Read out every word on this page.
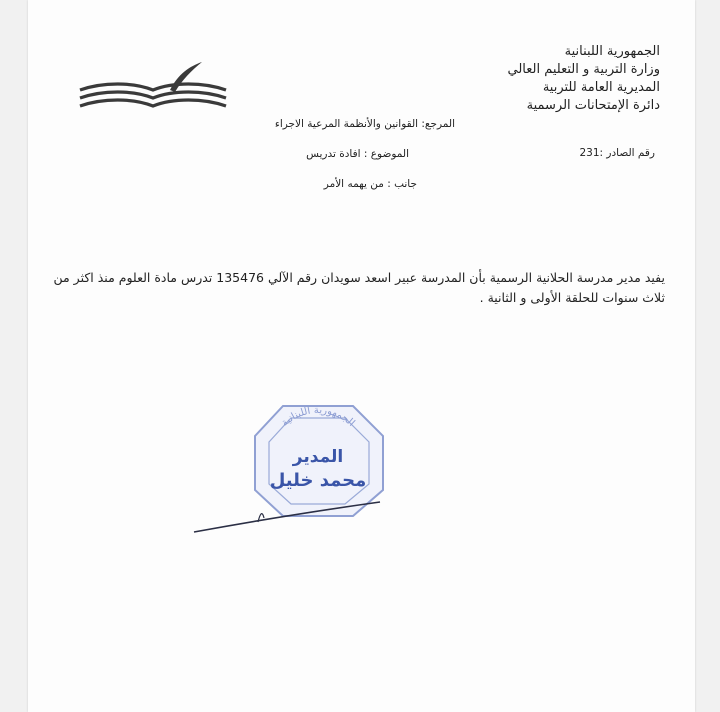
الجمهورية اللبنانية
وزارة التربية و التعليم العالي
المديرية العامة للتربية
دائرة الإمتحانات الرسمية
رقم الصادر :231
المرجع: القوانين والأنظمة المرعية الاجراء
الموضوع : افادة تدريس
جانب : من يهمه الأمر
يفيد مدير مدرسة الحلانية الرسمية بأن المدرسة عبير اسعد سويدان رقم الآلي 135476 تدرس مادة العلوم منذ اكثر من ثلاث سنوات للحلقة الأولى و الثانية .
الجمهورية اللبنانية
المدير
محمد خليل
